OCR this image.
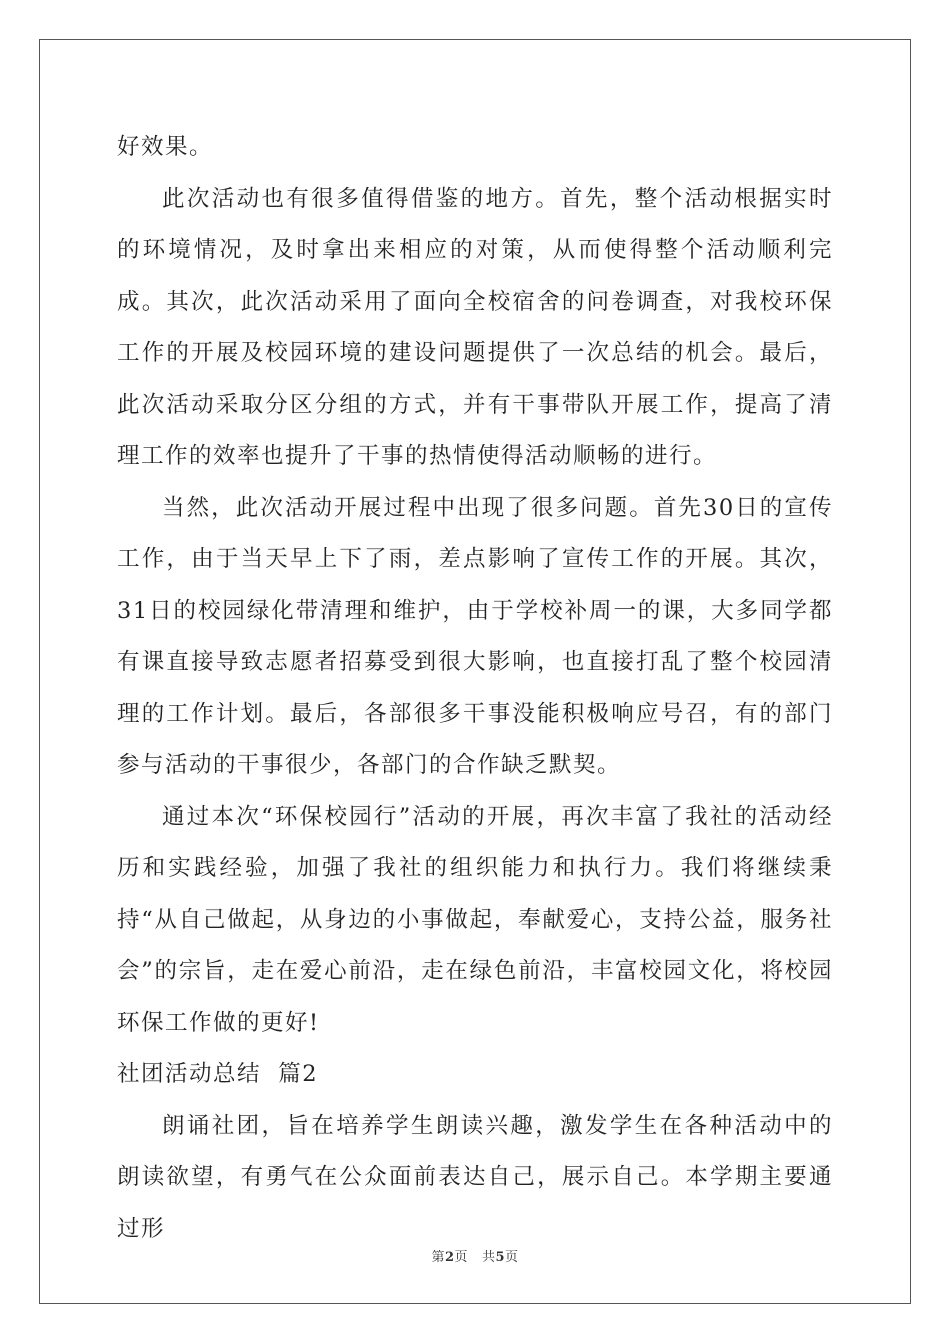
好效果。

此次活动也有很多值得借鉴的地方。首先，整个活动根据实时的环境情况，及时拿出来相应的对策，从而使得整个活动顺利完成。其次，此次活动采用了面向全校宿舍的问卷调查，对我校环保工作的开展及校园环境的建设问题提供了一次总结的机会。最后，此次活动采取分区分组的方式，并有干事带队开展工作，提高了清理工作的效率也提升了干事的热情使得活动顺畅的进行。

当然，此次活动开展过程中出现了很多问题。首先30日的宣传工作，由于当天早上下了雨，差点影响了宣传工作的开展。其次，31日的校园绿化带清理和维护，由于学校补周一的课，大多同学都有课直接导致志愿者招募受到很大影响，也直接打乱了整个校园清理的工作计划。最后，各部很多干事没能积极响应号召，有的部门参与活动的干事很少，各部门的合作缺乏默契。

通过本次“环保校园行”活动的开展，再次丰富了我社的活动经历和实践经验，加强了我社的组织能力和执行力。我们将继续秉持“从自己做起，从身边的小事做起，奉献爱心，支持公益，服务社会”的宗旨，走在爱心前沿，走在绿色前沿，丰富校园文化，将校园环保工作做的更好!

社团活动总结  篇2

朗诵社团，旨在培养学生朗读兴趣，激发学生在各种活动中的朗读欲望，有勇气在公众面前表达自己，展示自己。本学期主要通过形

第2页 共5页
